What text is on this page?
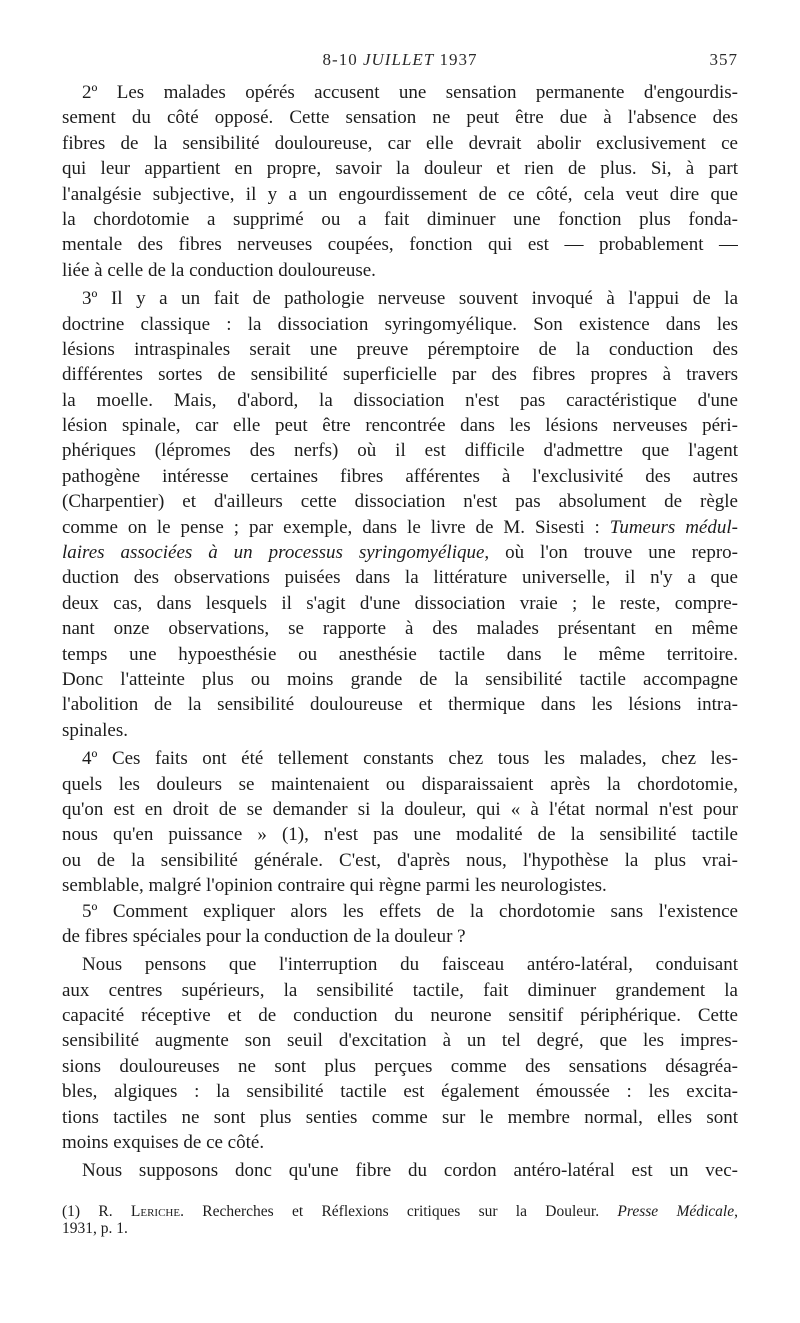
8-10 JUILLET 1937	357
2º Les malades opérés accusent une sensation permanente d'engourdis-
sement du côté opposé. Cette sensation ne peut être due à l'absence des
fibres de la sensibilité douloureuse, car elle devrait abolir exclusivement ce
qui leur appartient en propre, savoir la douleur et rien de plus. Si, à part
l'analgésie subjective, il y a un engourdissement de ce côté, cela veut dire que
la chordotomie a supprimé ou a fait diminuer une fonction plus fonda-
mentale des fibres nerveuses coupées, fonction qui est — probablement —
liée à celle de la conduction douloureuse.
3º Il y a un fait de pathologie nerveuse souvent invoqué à l'appui de la
doctrine classique : la dissociation syringomyélique. Son existence dans les
lésions intraspinales serait une preuve péremptoire de la conduction des
différentes sortes de sensibilité superficielle par des fibres propres à travers
la moelle. Mais, d'abord, la dissociation n'est pas caractéristique d'une
lésion spinale, car elle peut être rencontrée dans les lésions nerveuses péri-
phériques (lépromes des nerfs) où il est difficile d'admettre que l'agent
pathogène intéresse certaines fibres afférentes à l'exclusivité des autres
(Charpentier) et d'ailleurs cette dissociation n'est pas absolument de règle
comme on le pense ; par exemple, dans le livre de M. Sisesti : Tumeurs médul-
laires associées à un processus syringomyélique, où l'on trouve une repro-
duction des observations puisées dans la littérature universelle, il n'y a que
deux cas, dans lesquels il s'agit d'une dissociation vraie ; le reste, compre-
nant onze observations, se rapporte à des malades présentant en même
temps une hypoesthésie ou anesthésie tactile dans le même territoire.
Donc l'atteinte plus ou moins grande de la sensibilité tactile accompagne
l'abolition de la sensibilité douloureuse et thermique dans les lésions intra-
spinales.
4º Ces faits ont été tellement constants chez tous les malades, chez les-
quels les douleurs se maintenaient ou disparaissaient après la chordotomie,
qu'on est en droit de se demander si la douleur, qui « à l'état normal n'est pour
nous qu'en puissance » (1), n'est pas une modalité de la sensibilité tactile
ou de la sensibilité générale. C'est, d'après nous, l'hypothèse la plus vrai-
semblable, malgré l'opinion contraire qui règne parmi les neurologistes.
5º Comment expliquer alors les effets de la chordotomie sans l'existence
de fibres spéciales pour la conduction de la douleur ?
Nous pensons que l'interruption du faisceau antéro-latéral, conduisant
aux centres supérieurs, la sensibilité tactile, fait diminuer grandement la
capacité réceptive et de conduction du neurone sensitif périphérique. Cette
sensibilité augmente son seuil d'excitation à un tel degré, que les impres-
sions douloureuses ne sont plus perçues comme des sensations désagréa-
bles, algiques : la sensibilité tactile est également émoussée : les excita-
tions tactiles ne sont plus senties comme sur le membre normal, elles sont
moins exquises de ce côté.
Nous supposons donc qu'une fibre du cordon antéro-latéral est un vec-
(1) R. Leriche. Recherches et Réflexions critiques sur la Douleur. Presse Médicale,
1931, p. 1.
